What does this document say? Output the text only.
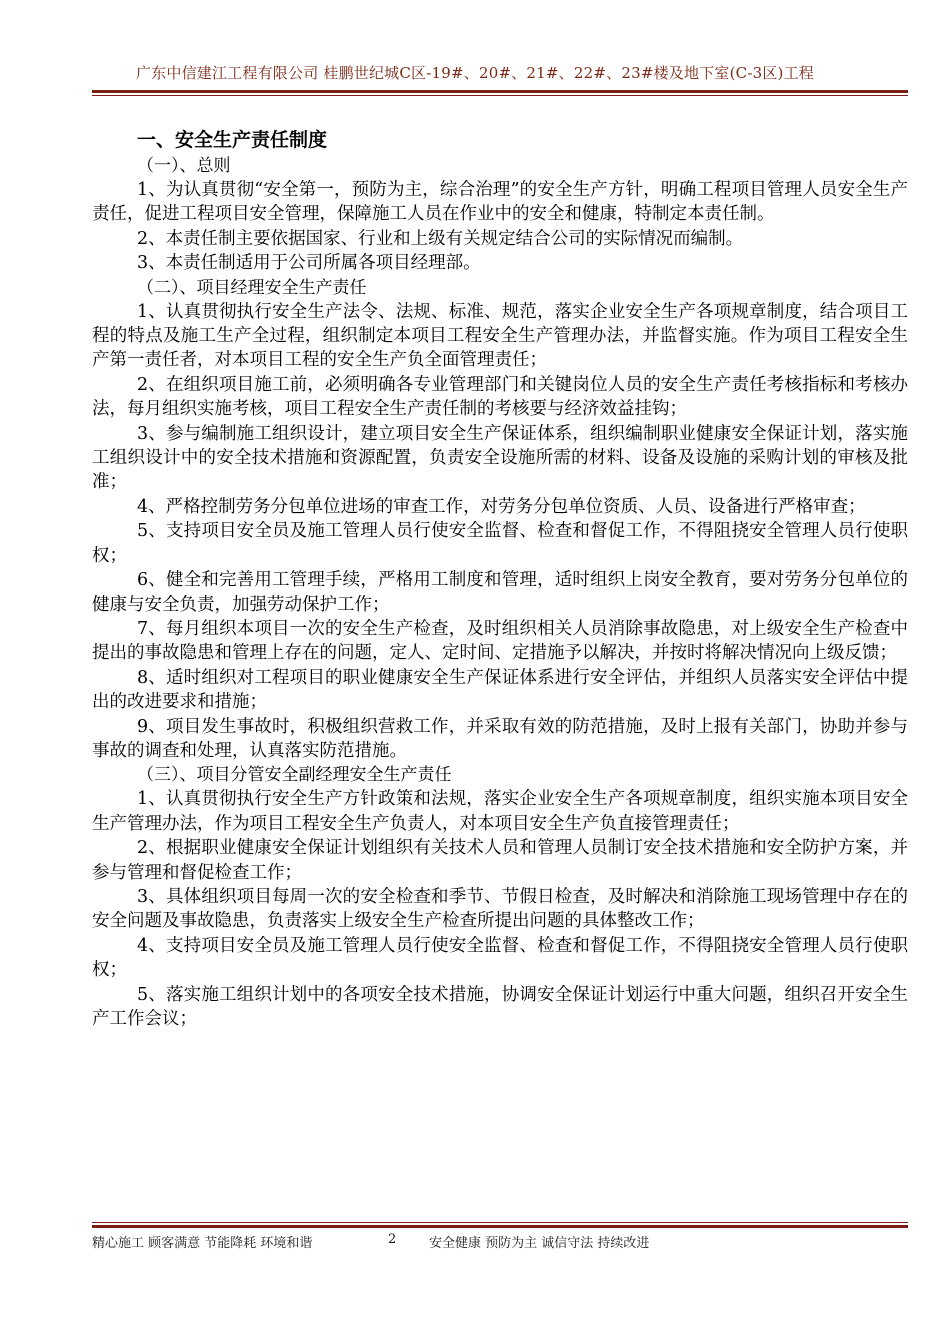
广东中信建江工程有限公司 桂鹏世纪城C区-19#、20#、21#、22#、23#楼及地下室(C-3区)工程
一、安全生产责任制度
（一）、总则

1、为认真贯彻“安全第一，预防为主，综合治理”的安全生产方针，明确工程项目管理人员安全生产责任，促进工程项目安全管理，保障施工人员在作业中的安全和健康，特制定本责任制。

2、本责任制主要依据国家、行业和上级有关规定结合公司的实际情况而编制。

3、本责任制适用于公司所属各项目经理部。

（二）、项目经理安全生产责任

1、认真贯彻执行安全生产法令、法规、标准、规范，落实企业安全生产各项规章制度，结合项目工程的特点及施工生产全过程，组织制定本项目工程安全生产管理办法，并监督实施。作为项目工程安全生产第一责任者，对本项目工程的安全生产负全面管理责任；

2、在组织项目施工前，必须明确各专业管理部门和关键岗位人员的安全生产责任考核指标和考核办法，每月组织实施考核，项目工程安全生产责任制的考核要与经济效益挂钩；

3、参与编制施工组织设计，建立项目安全生产保证体系，组织编制职业健康安全保证计划，落实施工组织设计中的安全技术措施和资源配置，负责安全设施所需的材料、设备及设施的采购计划的审核及批准；

4、严格控制劳务分包单位进场的审查工作，对劳务分包单位资质、人员、设备进行严格审查；

5、支持项目安全员及施工管理人员行使安全监督、检查和督促工作，不得阻挠安全管理人员行使职权；

6、健全和完善用工管理手续，严格用工制度和管理，适时组织上岗安全教育，要对劳务分包单位的健康与安全负责，加强劳动保护工作；

7、每月组织本项目一次的安全生产检查，及时组织相关人员消除事故隐患，对上级安全生产检查中提出的事故隐患和管理上存在的问题，定人、定时间、定措施予以解决，并按时将解决情况向上级反馈；

8、适时组织对工程项目的职业健康安全生产保证体系进行安全评估，并组织人员落实安全评估中提出的改进要求和措施；

9、项目发生事故时，积极组织营救工作，并采取有效的防范措施，及时上报有关部门，协助并参与事故的调查和处理，认真落实防范措施。

（三）、项目分管安全副经理安全生产责任

1、认真贯彻执行安全生产方针政策和法规，落实企业安全生产各项规章制度，组织实施本项目安全生产管理办法，作为项目工程安全生产负责人，对本项目安全生产负直接管理责任；

2、根据职业健康安全保证计划组织有关技术人员和管理人员制订安全技术措施和安全防护方案，并参与管理和督促检查工作；

3、具体组织项目每周一次的安全检查和季节、节假日检查，及时解决和消除施工现场管理中存在的安全问题及事故隐患，负责落实上级安全生产检查所提出问题的具体整改工作；

4、支持项目安全员及施工管理人员行使安全监督、检查和督促工作，不得阻挠安全管理人员行使职权；

5、落实施工组织计划中的各项安全技术措施，协调安全保证计划运行中重大问题，组织召开安全生产工作会议；

精心施工 顾客满意 节能降耗 环境和谐	2	安全健康 预防为主 诚信守法 持续改进
